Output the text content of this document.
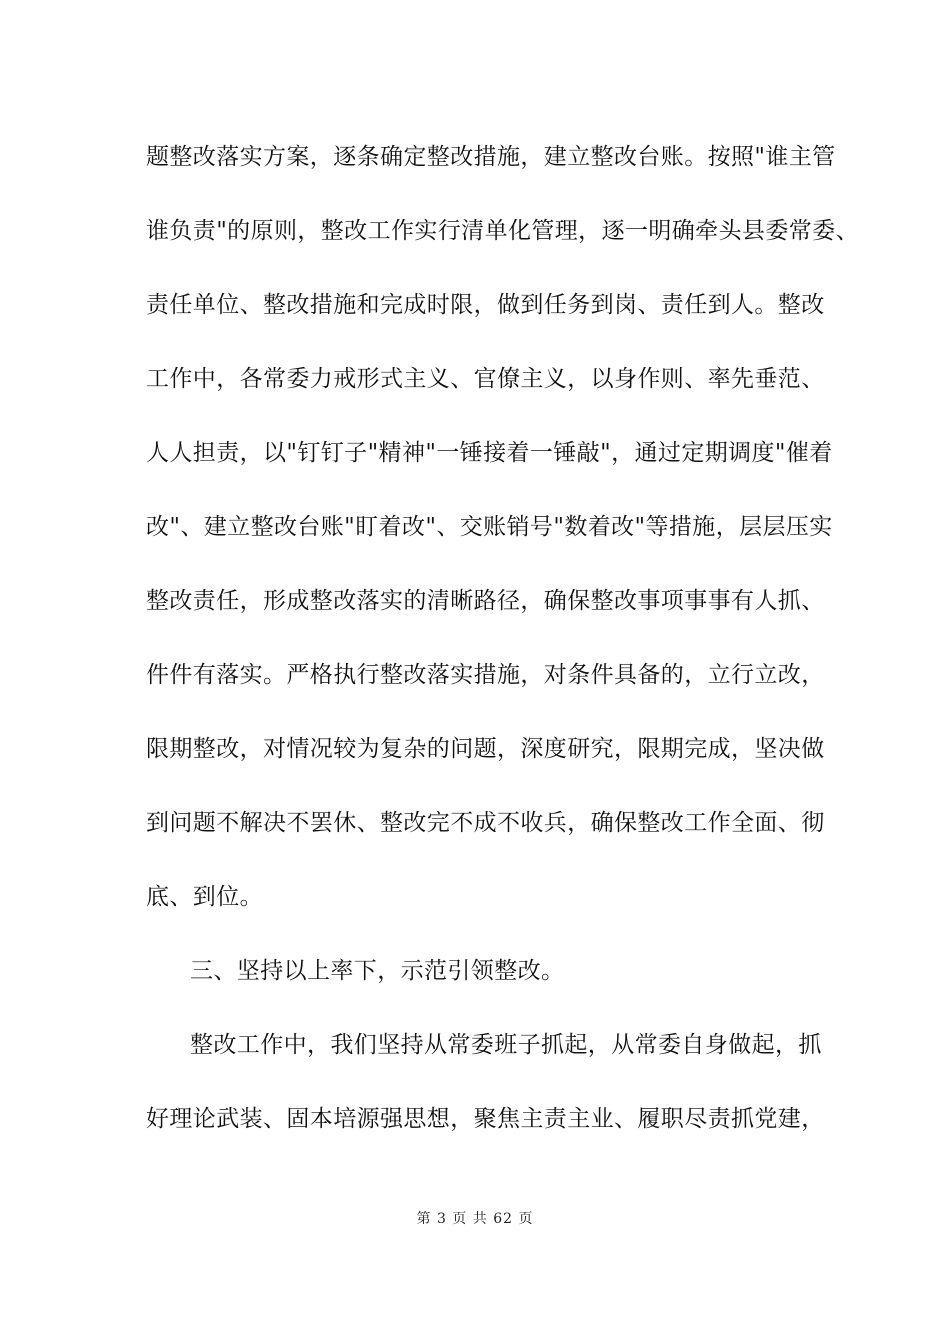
题整改落实方案，逐条确定整改措施，建立整改台账。按照"谁主管
谁负责"的原则，整改工作实行清单化管理，逐一明确牵头县委常委、
责任单位、整改措施和完成时限，做到任务到岗、责任到人。整改
工作中，各常委力戒形式主义、官僚主义，以身作则、率先垂范、
人人担责，以"钉钉子"精神"一锤接着一锤敲"，通过定期调度"催着
改"、建立整改台账"盯着改"、交账销号"数着改"等措施，层层压实
整改责任，形成整改落实的清晰路径，确保整改事项事事有人抓、
件件有落实。严格执行整改落实措施，对条件具备的，立行立改，
限期整改，对情况较为复杂的问题，深度研究，限期完成，坚决做
到问题不解决不罢休、整改完不成不收兵，确保整改工作全面、彻
底、到位。
三、坚持以上率下，示范引领整改。
整改工作中，我们坚持从常委班子抓起，从常委自身做起，抓
好理论武装、固本培源强思想，聚焦主责主业、履职尽责抓党建，
第 3 页 共 62 页
